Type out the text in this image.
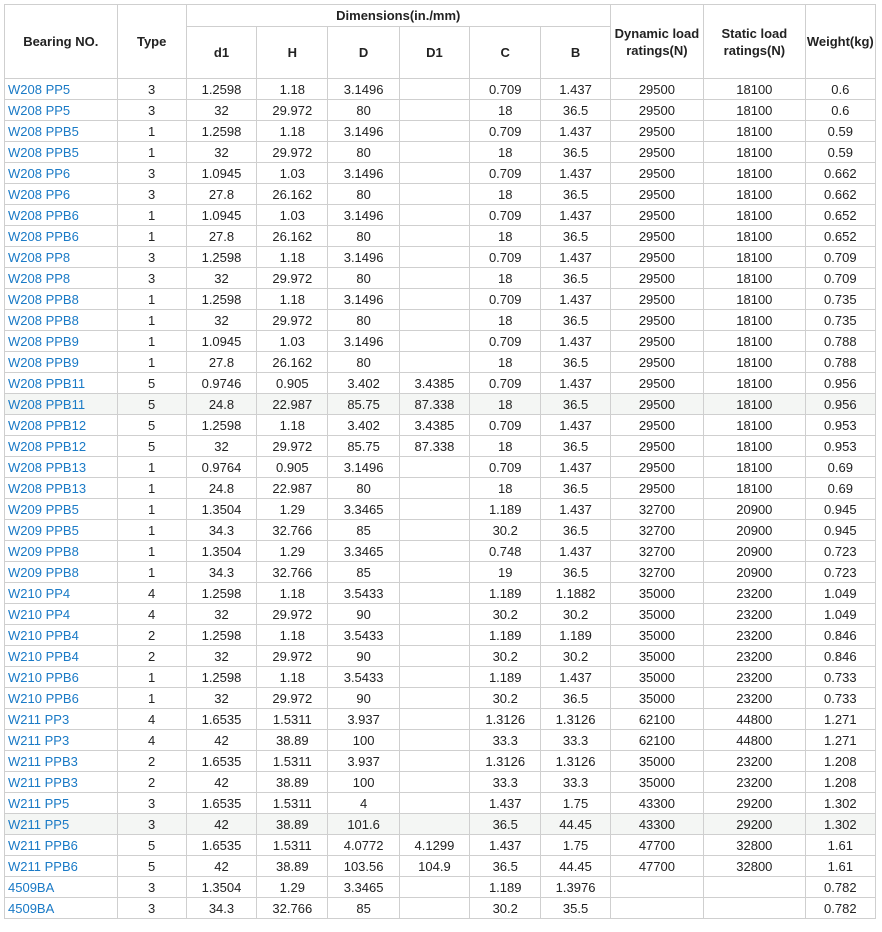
Bearing NO.	Type	Dimensions(in./mm)						Dynamic load ratings(N)	Static load ratings(N)	Weight(kg)
		d1	H	D	D1	C	B			
W208 PP5	3	1.2598	1.18	3.1496		0.709	1.437	29500	18100	0.6
W208 PP5	3	32	29.972	80		18	36.5	29500	18100	0.6
W208 PPB5	1	1.2598	1.18	3.1496		0.709	1.437	29500	18100	0.59
W208 PPB5	1	32	29.972	80		18	36.5	29500	18100	0.59
W208 PP6	3	1.0945	1.03	3.1496		0.709	1.437	29500	18100	0.662
W208 PP6	3	27.8	26.162	80		18	36.5	29500	18100	0.662
W208 PPB6	1	1.0945	1.03	3.1496		0.709	1.437	29500	18100	0.652
W208 PPB6	1	27.8	26.162	80		18	36.5	29500	18100	0.652
W208 PP8	3	1.2598	1.18	3.1496		0.709	1.437	29500	18100	0.709
W208 PP8	3	32	29.972	80		18	36.5	29500	18100	0.709
W208 PPB8	1	1.2598	1.18	3.1496		0.709	1.437	29500	18100	0.735
W208 PPB8	1	32	29.972	80		18	36.5	29500	18100	0.735
W208 PPB9	1	1.0945	1.03	3.1496		0.709	1.437	29500	18100	0.788
W208 PPB9	1	27.8	26.162	80		18	36.5	29500	18100	0.788
W208 PPB11	5	0.9746	0.905	3.402	3.4385	0.709	1.437	29500	18100	0.956
W208 PPB11	5	24.8	22.987	85.75	87.338	18	36.5	29500	18100	0.956
W208 PPB12	5	1.2598	1.18	3.402	3.4385	0.709	1.437	29500	18100	0.953
W208 PPB12	5	32	29.972	85.75	87.338	18	36.5	29500	18100	0.953
W208 PPB13	1	0.9764	0.905	3.1496		0.709	1.437	29500	18100	0.69
W208 PPB13	1	24.8	22.987	80		18	36.5	29500	18100	0.69
W209 PPB5	1	1.3504	1.29	3.3465		1.189	1.437	32700	20900	0.945
W209 PPB5	1	34.3	32.766	85		30.2	36.5	32700	20900	0.945
W209 PPB8	1	1.3504	1.29	3.3465		0.748	1.437	32700	20900	0.723
W209 PPB8	1	34.3	32.766	85		19	36.5	32700	20900	0.723
W210 PP4	4	1.2598	1.18	3.5433		1.189	1.1882	35000	23200	1.049
W210 PP4	4	32	29.972	90		30.2	30.2	35000	23200	1.049
W210 PPB4	2	1.2598	1.18	3.5433		1.189	1.189	35000	23200	0.846
W210 PPB4	2	32	29.972	90		30.2	30.2	35000	23200	0.846
W210 PPB6	1	1.2598	1.18	3.5433		1.189	1.437	35000	23200	0.733
W210 PPB6	1	32	29.972	90		30.2	36.5	35000	23200	0.733
W211 PP3	4	1.6535	1.5311	3.937		1.3126	1.3126	62100	44800	1.271
W211 PP3	4	42	38.89	100		33.3	33.3	62100	44800	1.271
W211 PPB3	2	1.6535	1.5311	3.937		1.3126	1.3126	35000	23200	1.208
W211 PPB3	2	42	38.89	100		33.3	33.3	35000	23200	1.208
W211 PP5	3	1.6535	1.5311	4		1.437	1.75	43300	29200	1.302
W211 PP5	3	42	38.89	101.6		36.5	44.45	43300	29200	1.302
W211 PPB6	5	1.6535	1.5311	4.0772	4.1299	1.437	1.75	47700	32800	1.61
W211 PPB6	5	42	38.89	103.56	104.9	36.5	44.45	47700	32800	1.61
4509BA	3	1.3504	1.29	3.3465		1.189	1.3976			0.782
4509BA	3	34.3	32.766	85		30.2	35.5			0.782
